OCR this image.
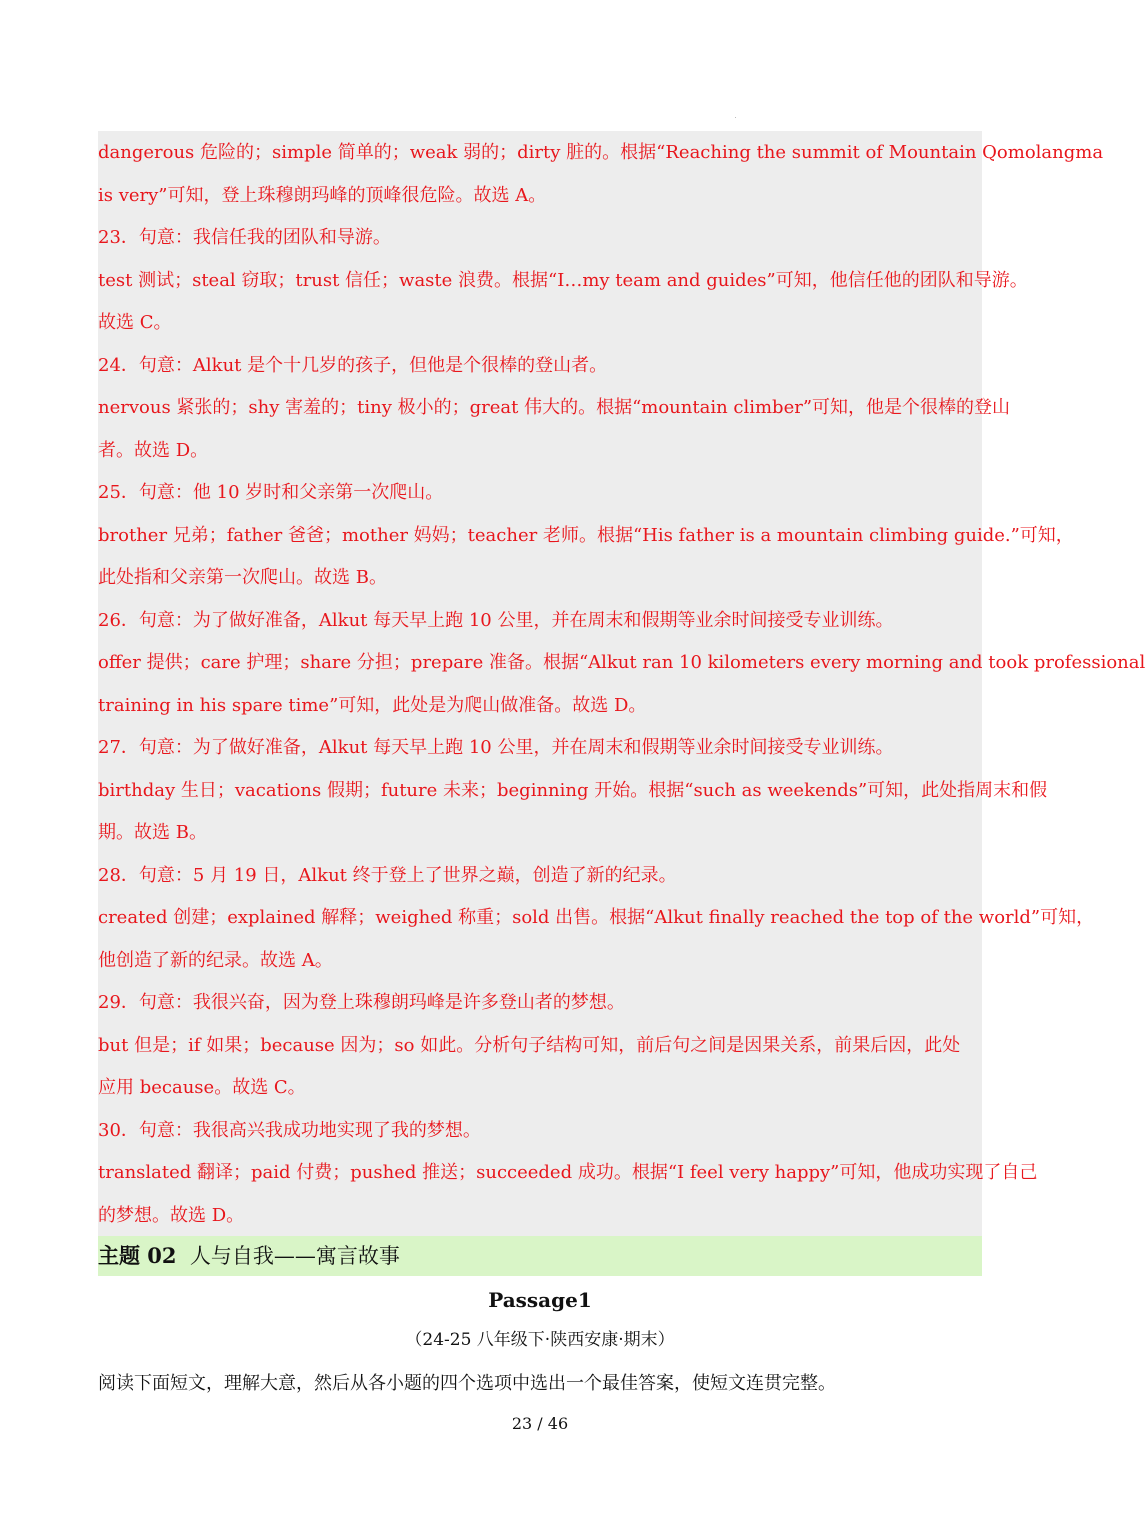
dangerous 危险的；simple 简单的；weak 弱的；dirty 脏的。根据“Reaching the summit of Mountain Qomolangma
is very”可知，登上珠穆朗玛峰的顶峰很危险。故选 A。
23．句意：我信任我的团队和导游。
test 测试；steal 窃取；trust 信任；waste 浪费。根据“I…my team and guides”可知，他信任他的团队和导游。
故选 C。
24．句意：Alkut 是个十几岁的孩子，但他是个很棒的登山者。
nervous 紧张的；shy 害羞的；tiny 极小的；great 伟大的。根据“mountain climber”可知，他是个很棒的登山
者。故选 D。
25．句意：他 10 岁时和父亲第一次爬山。
brother 兄弟；father 爸爸；mother 妈妈；teacher 老师。根据“His father is a mountain climbing guide.”可知，
此处指和父亲第一次爬山。故选 B。
26．句意：为了做好准备，Alkut 每天早上跑 10 公里，并在周末和假期等业余时间接受专业训练。
offer 提供；care 护理；share 分担；prepare 准备。根据“Alkut ran 10 kilometers every morning and took professional
training in his spare time”可知，此处是为爬山做准备。故选 D。
27．句意：为了做好准备，Alkut 每天早上跑 10 公里，并在周末和假期等业余时间接受专业训练。
birthday 生日；vacations 假期；future 未来；beginning 开始。根据“such as weekends”可知，此处指周末和假
期。故选 B。
28．句意：5 月 19 日，Alkut 终于登上了世界之巅，创造了新的纪录。
created 创建；explained 解释；weighed 称重；sold 出售。根据“Alkut finally reached the top of the world”可知，
他创造了新的纪录。故选 A。
29．句意：我很兴奋，因为登上珠穆朗玛峰是许多登山者的梦想。
but 但是；if 如果；because 因为；so 如此。分析句子结构可知，前后句之间是因果关系，前果后因，此处
应用 because。故选 C。
30．句意：我很高兴我成功地实现了我的梦想。
translated 翻译；paid 付费；pushed 推送；succeeded 成功。根据“I feel very happy”可知，他成功实现了自己
的梦想。故选 D。
主题 02 人与自我——寓言故事
Passage1
（24-25 八年级下·陕西安康·期末）
阅读下面短文，理解大意，然后从各小题的四个选项中选出一个最佳答案，使短文连贯完整。
23 / 46
